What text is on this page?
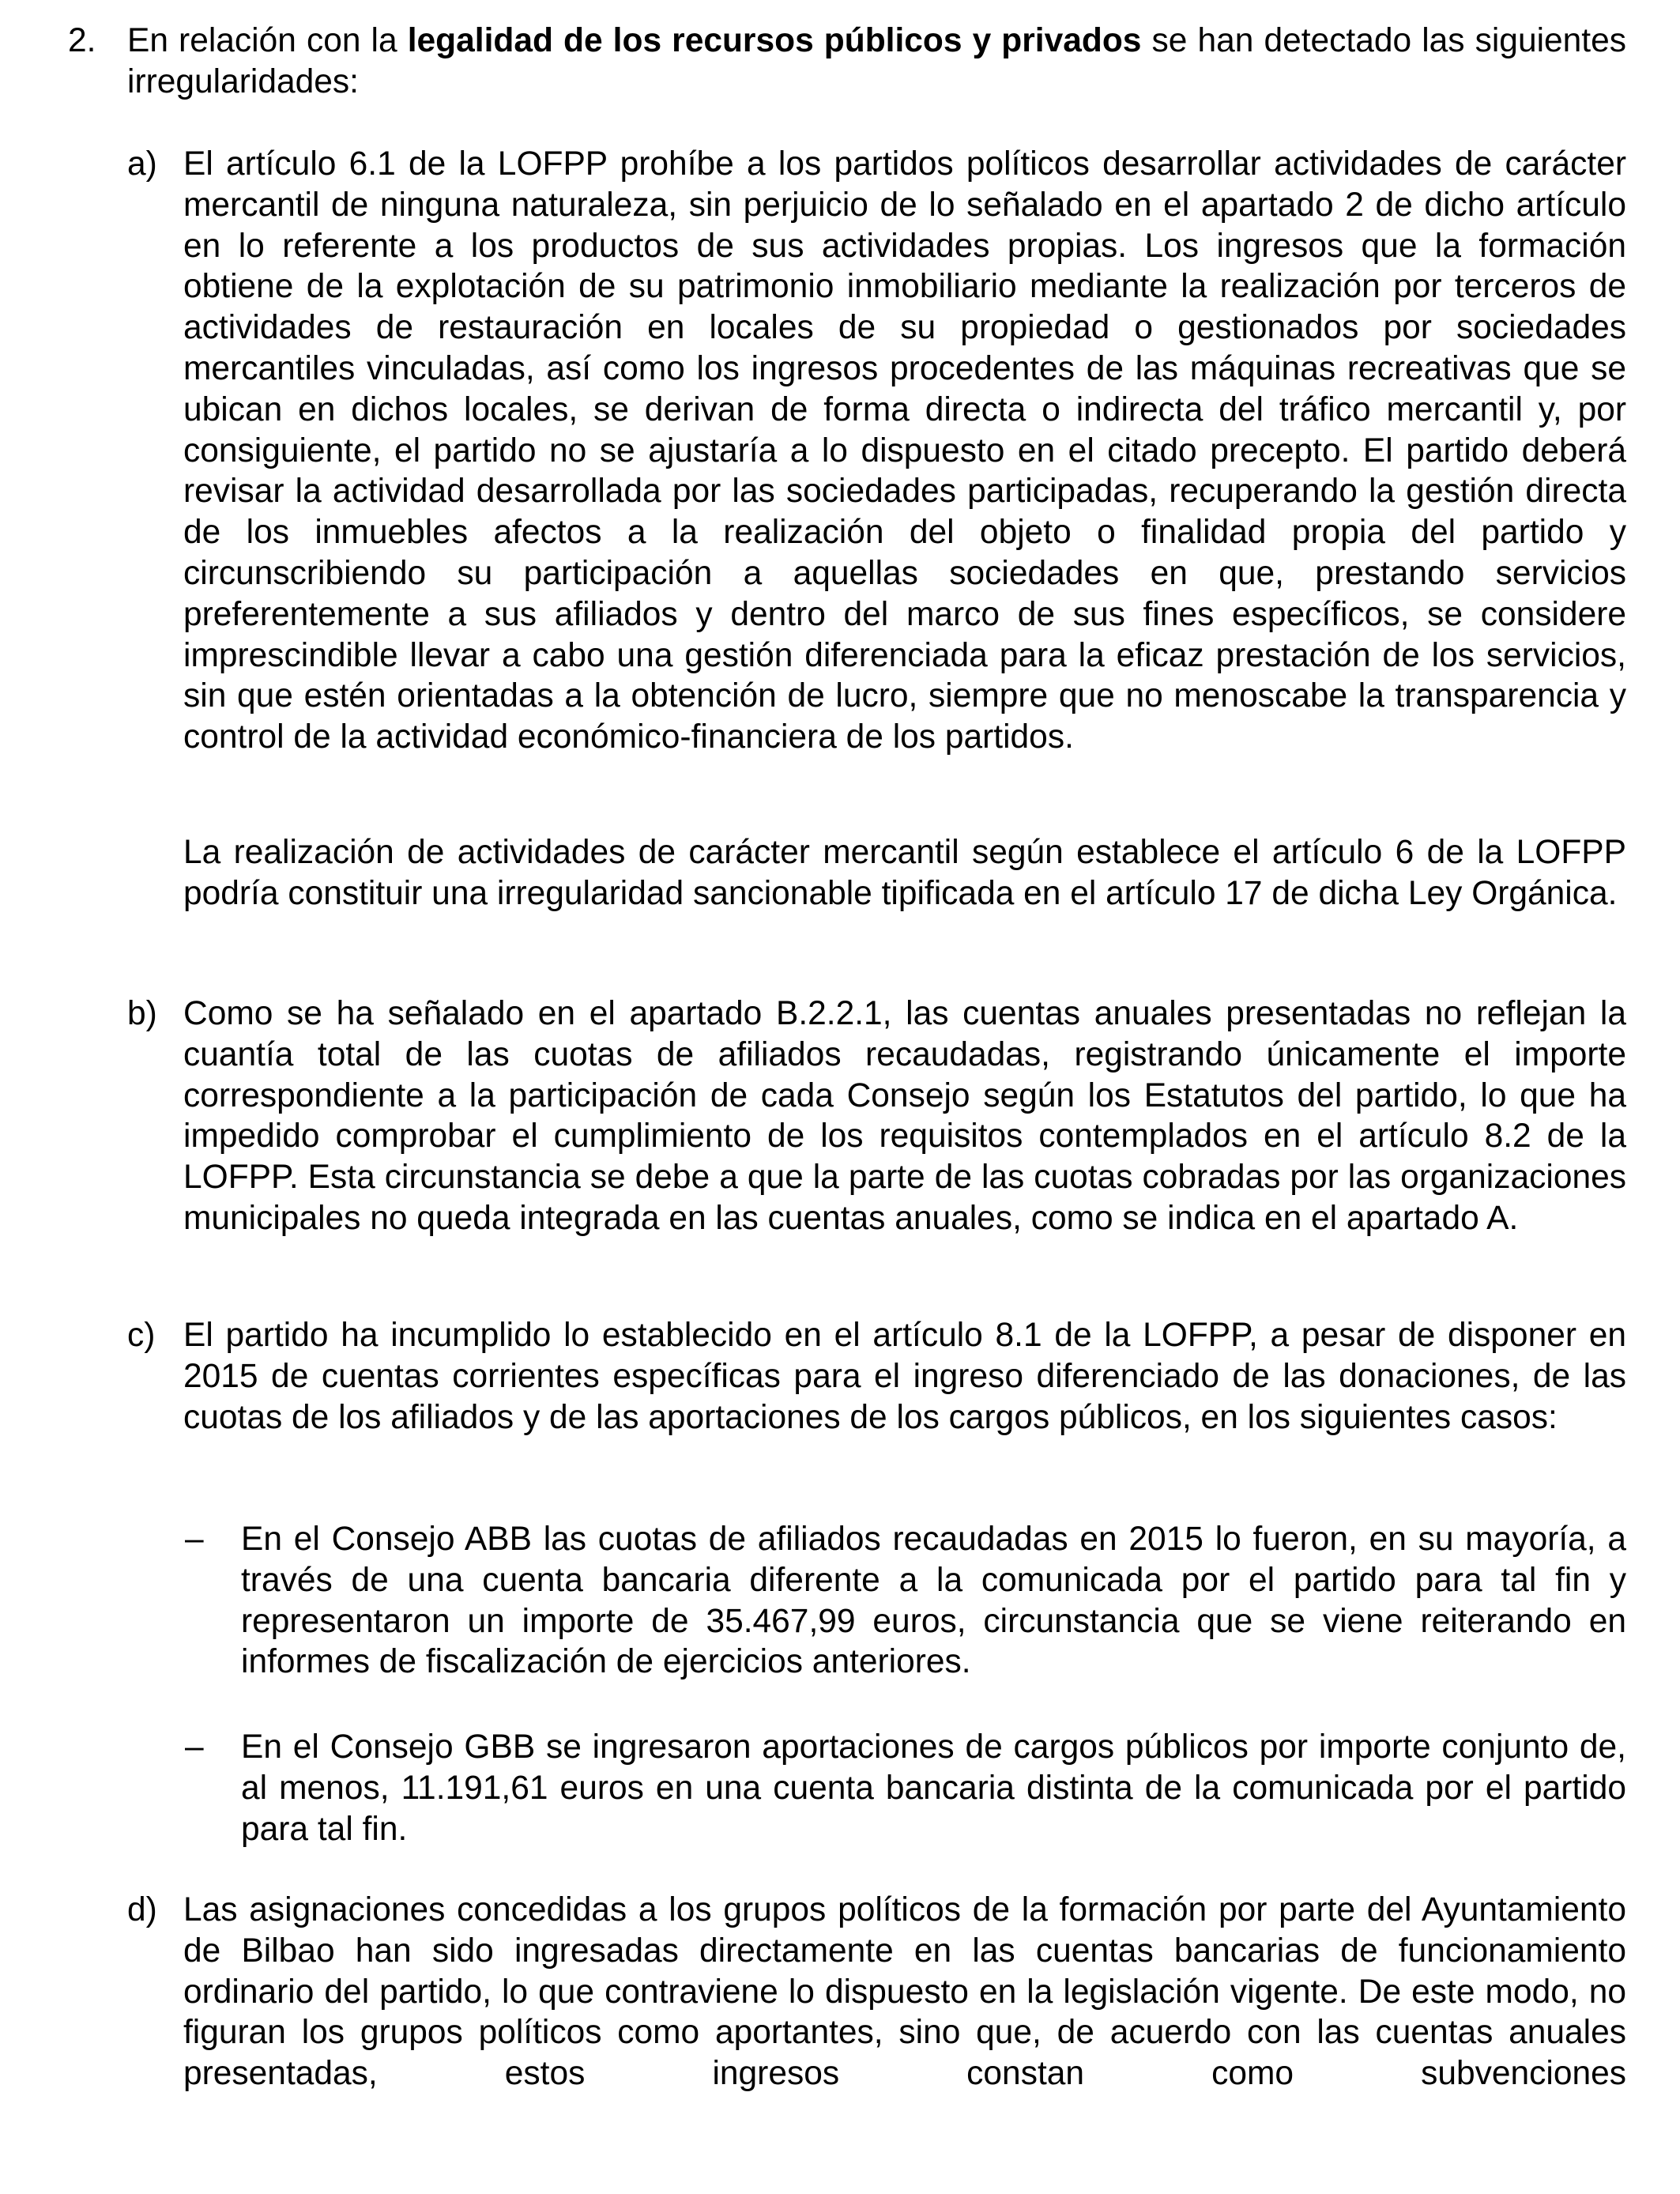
2. En relación con la legalidad de los recursos públicos y privados se han detectado las siguientes irregularidades:

a) El artículo 6.1 de la LOFPP prohíbe a los partidos políticos desarrollar actividades de carácter mercantil de ninguna naturaleza, sin perjuicio de lo señalado en el apartado 2 de dicho artículo en lo referente a los productos de sus actividades propias. Los ingresos que la formación obtiene de la explotación de su patrimonio inmobiliario mediante la realización por terceros de actividades de restauración en locales de su propiedad o gestionados por sociedades mercantiles vinculadas, así como los ingresos procedentes de las máquinas recreativas que se ubican en dichos locales, se derivan de forma directa o indirecta del tráfico mercantil y, por consiguiente, el partido no se ajustaría a lo dispuesto en el citado precepto. El partido deberá revisar la actividad desarrollada por las sociedades participadas, recuperando la gestión directa de los inmuebles afectos a la realización del objeto o finalidad propia del partido y circunscribiendo su participación a aquellas sociedades en que, prestando servicios preferentemente a sus afiliados y dentro del marco de sus fines específicos, se considere imprescindible llevar a cabo una gestión diferenciada para la eficaz prestación de los servicios, sin que estén orientadas a la obtención de lucro, siempre que no menoscabe la transparencia y control de la actividad económico-financiera de los partidos.

La realización de actividades de carácter mercantil según establece el artículo 6 de la LOFPP podría constituir una irregularidad sancionable tipificada en el artículo 17 de dicha Ley Orgánica.

b) Como se ha señalado en el apartado B.2.2.1, las cuentas anuales presentadas no reflejan la cuantía total de las cuotas de afiliados recaudadas, registrando únicamente el importe correspondiente a la participación de cada Consejo según los Estatutos del partido, lo que ha impedido comprobar el cumplimiento de los requisitos contemplados en el artículo 8.2 de la LOFPP. Esta circunstancia se debe a que la parte de las cuotas cobradas por las organizaciones municipales no queda integrada en las cuentas anuales, como se indica en el apartado A.

c) El partido ha incumplido lo establecido en el artículo 8.1 de la LOFPP, a pesar de disponer en 2015 de cuentas corrientes específicas para el ingreso diferenciado de las donaciones, de las cuotas de los afiliados y de las aportaciones de los cargos públicos, en los siguientes casos:

– En el Consejo ABB las cuotas de afiliados recaudadas en 2015 lo fueron, en su mayoría, a través de una cuenta bancaria diferente a la comunicada por el partido para tal fin y representaron un importe de 35.467,99 euros, circunstancia que se viene reiterando en informes de fiscalización de ejercicios anteriores.

– En el Consejo GBB se ingresaron aportaciones de cargos públicos por importe conjunto de, al menos, 11.191,61 euros en una cuenta bancaria distinta de la comunicada por el partido para tal fin.

d) Las asignaciones concedidas a los grupos políticos de la formación por parte del Ayuntamiento de Bilbao han sido ingresadas directamente en las cuentas bancarias de funcionamiento ordinario del partido, lo que contraviene lo dispuesto en la legislación vigente. De este modo, no figuran los grupos políticos como aportantes, sino que, de acuerdo con las cuentas anuales presentadas, estos ingresos constan como subvenciones
